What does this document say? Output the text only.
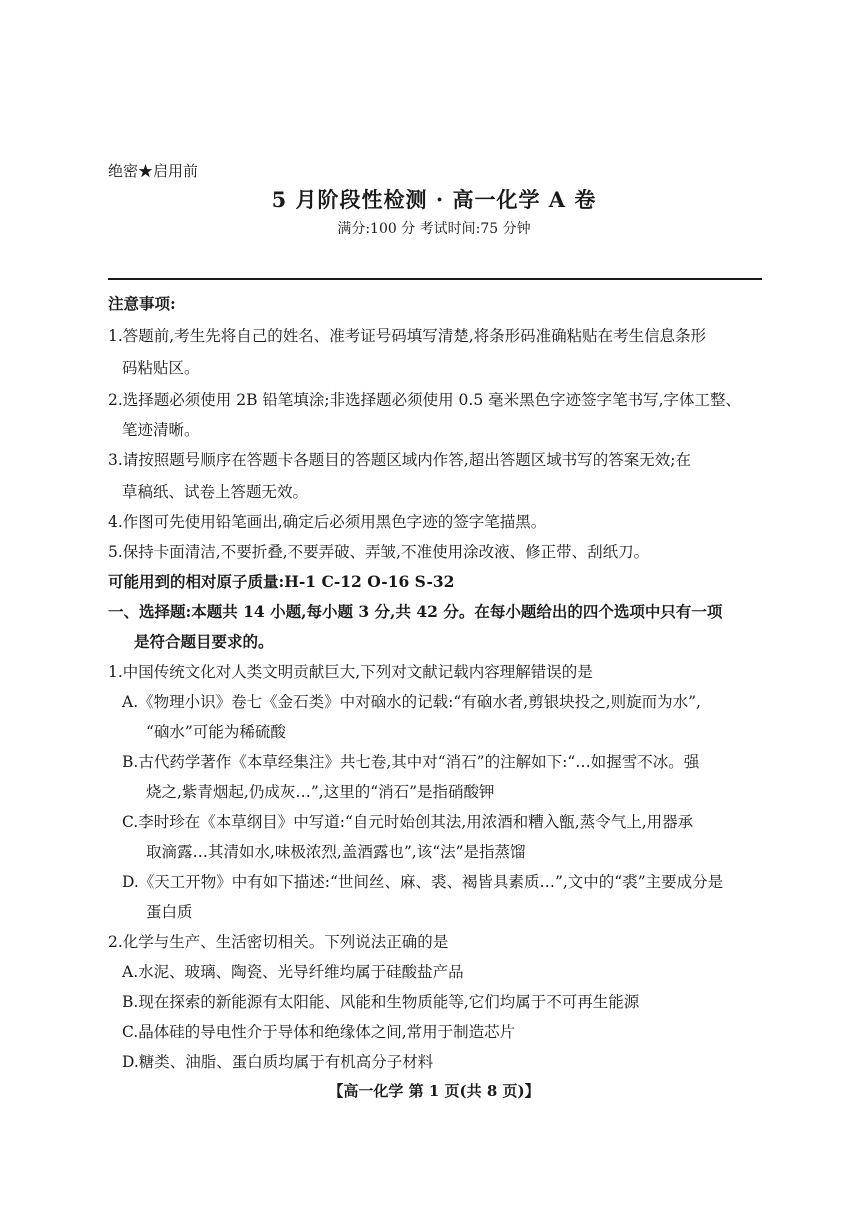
绝密★启用前
5 月阶段性检测 · 高一化学 A 卷
满分:100 分 考试时间:75 分钟
注意事项:
1.答题前,考生先将自己的姓名、准考证号码填写清楚,将条形码准确粘贴在考生信息条形
码粘贴区。
2.选择题必须使用 2B 铅笔填涂;非选择题必须使用 0.5 毫米黑色字迹签字笔书写,字体工整、
笔迹清晰。
3.请按照题号顺序在答题卡各题目的答题区域内作答,超出答题区域书写的答案无效;在
草稿纸、试卷上答题无效。
4.作图可先使用铅笔画出,确定后必须用黑色字迹的签字笔描黑。
5.保持卡面清洁,不要折叠,不要弄破、弄皱,不准使用涂改液、修正带、刮纸刀。
可能用到的相对原子质量:H-1 C-12 O-16 S-32
一、选择题:本题共 14 小题,每小题 3 分,共 42 分。在每小题给出的四个选项中只有一项
是符合题目要求的。
1.中国传统文化对人类文明贡献巨大,下列对文献记载内容理解错误的是
A.《物理小识》卷七《金石类》中对硇水的记载:“有硇水者,剪银块投之,则旋而为水”,
“硇水”可能为稀硫酸
B.古代药学著作《本草经集注》共七卷,其中对“消石”的注解如下:“…如握雪不冰。强
烧之,紫青烟起,仍成灰…”,这里的“消石”是指硝酸钾
C.李时珍在《本草纲目》中写道:“自元时始创其法,用浓酒和糟入甑,蒸令气上,用器承
取滴露…其清如水,味极浓烈,盖酒露也”,该“法”是指蒸馏
D.《天工开物》中有如下描述:“世间丝、麻、裘、褐皆具素质…”,文中的“裘”主要成分是
蛋白质
2.化学与生产、生活密切相关。下列说法正确的是
A.水泥、玻璃、陶瓷、光导纤维均属于硅酸盐产品
B.现在探索的新能源有太阳能、风能和生物质能等,它们均属于不可再生能源
C.晶体硅的导电性介于导体和绝缘体之间,常用于制造芯片
D.糖类、油脂、蛋白质均属于有机高分子材料
【高一化学 第 1 页(共 8 页)】
